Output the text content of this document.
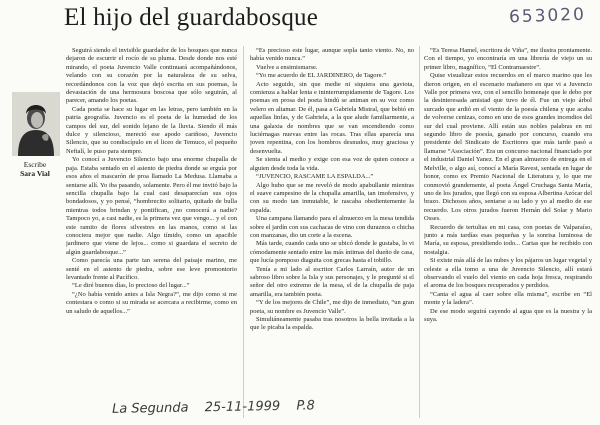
El hijo del guardabosque	653020
Escribe
Sara Vial

Seguirá siendo el invisible guardador de los bosques que nunca dejaron de escurrir el rocío de su pluma. Desde donde nos esté mirando, el poeta Juvencio Valle continuará acompañándonos, velando con su corazón por la naturaleza de su selva, recordándonos con la voz que dejó escrita en sus poemas, la devastación de una hermosura boscosa que sólo seguirán, al parecer, amando los poetas.

Cada poeta se hace su lugar en las letras, pero también en la patria geografía. Juvencio es el poeta de la humedad de los campos del sur, del sonido lejano de la lluvia. Siendo él más dulce y silencioso, mereció ese apodo cariñoso, Juvencio Silencio, que su condiscípulo en el liceo de Temuco, el pequeño Neftalí, le puso para siempre.

Yo conocí a Juvencio Silencio bajo una enorme chupalla de paja. Estaba sentado en el asiento de piedra donde se erguía por esos años el mascarón de proa llamado La Medusa. Llamaba a sentarse allí. Yo iba pasando, solamente. Pero él me invitó bajo la sencilla chupalla bajo la cual casi desaparecían sus ojos bondadosos, y yo pensé, “hombrecito solitario, quitado de bulla mientras todos brindan y pontifican, ¿no conocerá a nadie? Tampoco yo, a casi nadie, es la primera vez que vengo... y el con este ramito de flores silvestres en las manos, como si las conociera mejor que nadie. Algo tímido, como un apacible jardinero que viene de lejos... como si guardara el secreto de algún guardabosque...”

Como parecía una parte tan serena del paisaje marino, me senté en el asiento de piedra, sobre ese leve promontorio levantado frente al Pacífico.

“Le diré buenos días, lo precioso del lugar...”

“¿No había venido antes a Isla Negra?”, me dijo como si me contestara o como si su mirada se acercara a recibirme, como en un saludo de aquellos...”

“Es precioso este lugar, aunque sopla tanto viento. No, no había venido nunca.”

Vuelve a ensimismarse.

“Yo me acuerdo de EL JARDINERO, de Tagore.”

Acto seguido, sin que medie ni siquiera una gaviota, comienza a hablar lenta e ininterrumpidamente de Tagore. Los poemas en prosa del poeta hindú se animan en su voz como velero en altamar. De él, pasa a Gabriela Mistral, que bebió en aquellas linfas, y de Gabriela, a la que alude familiarmente, a una galaxia de nombres que se van encendiendo como luciérnagas nuevas entre las rocas. Tras ellas aparecía una joven repentina, con los hombros desnudos, muy graciosa y desenvuelta.

Se sienta al medio y exige con esa voz de quien conoce a alguien desde toda la vida.

“JUVENCIO, RASCAME LA ESPALDA...”

Algo hubo que se me reveló de modo apabullante mientras el suave campesino de la chupalla amarilla, tan imofensivo, y con su modo tan inmutable, le rascaba obedientemente la espalda.

Una campana llamando para el almuerzo en la mesa tendida sobre el jardín con sus cachacas de vino con duraznos o chicha con manzanas, dio un corte a la escena.

Más tarde, cuando cada uno se ubicó donde le gustaba, lo vi cómodamente sentado entre las más íntimas del dueño de casa, que lucía pomposo diaguita con grecas hasta el tobillo.

Tenía a mi lado al escritor Carlos Larraín, autor de un sabroso libro sobre la Isla y sus personajes, y le pregunté si el señor del otro extremo de la mesa, el de la chupalla de paja amarilla, era también poeta.

“Y de los mejores de Chile”, me dijo de inmediato, “un gran poeta, su nombre es Juvencio Valle”.

Simultáneamente pasaba tras nosotros la bella invitada a la que le picaba la espalda.

“Es Teresa Hamel, escritora de Viña”, me ilustra prontamente. Con el tiempo, yo encontraría en una librería de viejo un su primer libro, magnífico, “El Contramaestre”.

Quise visualizar estos recuerdos en el marco marino que les dieron origen, en el escenario mañanero en que vi a Juvencio Valle por primera vez, con el sencillo homenaje que le debo por la desinteresada amistad que tuvo de él. Fue un viejo árbol surcado que ardió en el viento de la poesía chilena y que acaba de volverse cenizas, como en uno de esos grandes incendios del sur del cual proviene. Allí están sus nobles palabras en mi segundo libro de poesía, ganado por concurso, cuando era presidente del Sindicato de Escritores que más tarde pasó a llamarse “Asociación”. Era un concurso nacional financiado por el industrial Daniel Yanez. En el gran almuerzo de entrega en el Melville, o algo así, conocí a María Ravest, sentada en lugar de honor, como ex Premio Nacional de Literatura y, lo que me conmovió grandemente, al poeta Ángel Cruchaga Santa María, uno de los jurados, que llegó con su esposa Albertina Azócar del brazo. Dichosos años, sentarse a su lado y yo al medio de ese recuerdo. Los otros jurados fueron Hernán del Solar y Mario Osses.

Recuerdo de tertulias en mi casa, con poetas de Valparaíso, junto a más tardías esas pequeñas y la sonrisa luminosa de María, su esposa, presidiendo todo... Cartas que he recibido con nostalgia.

Si existe más allá de las nubes y los pájaros un lugar vegetal y celeste a ella tomo a una de Juvencio Silencio, allí estará observando el vuelo del viento en cada hoja fresca, respirando el aroma de los bosques recuperados y perdidos.

“Canta el agua al caer sobre ella misma”, escribe en “El monte y la ladera”.

De ese modo seguirá cayendo al agua que es la nuestra y la suya.

La Segunda 25-11-1999 P.8
